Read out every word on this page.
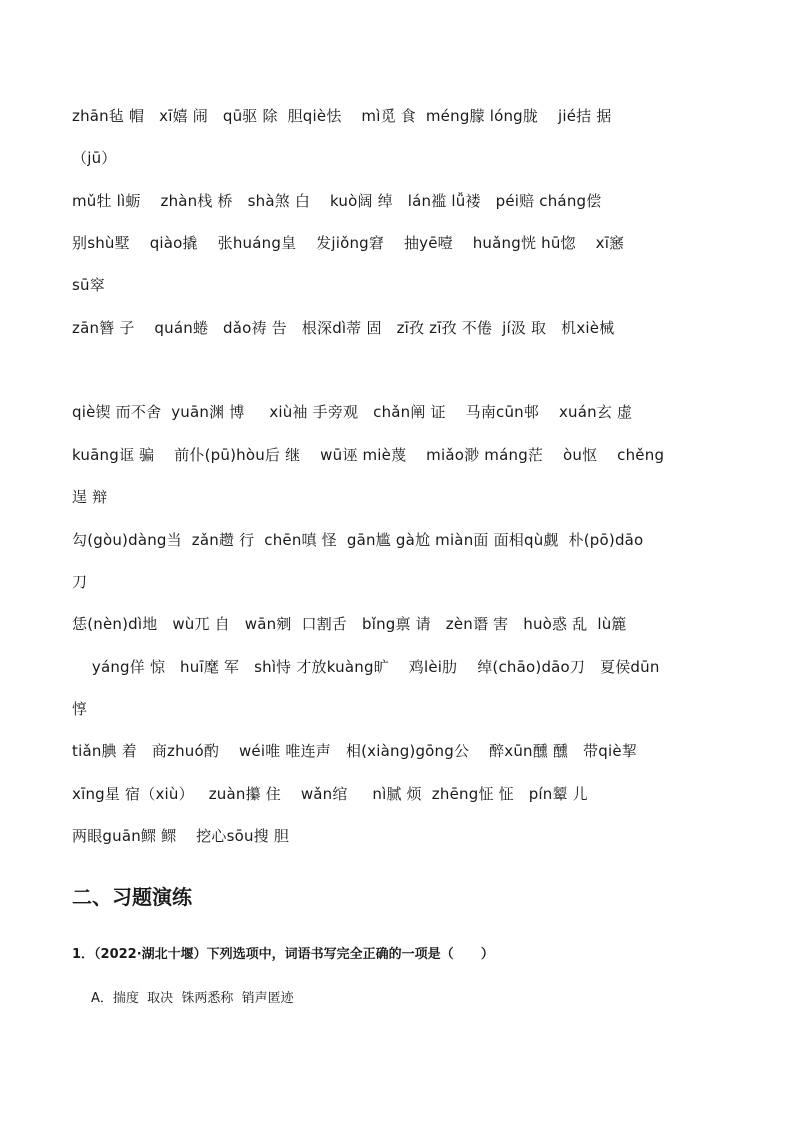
zhān毡 帽   xī嬉 闹   qū驱 除  胆qiè怯    mì觅 食  méng朦 lóng胧    jié拮 据
（jū）
mǔ牡 lì蛎    zhàn栈 桥   shà煞 白    kuò阔 绰   lán褴 lǚ褛   péi赔 cháng偿
别shù墅    qiào撬    张huáng皇    发jiǒng窘    抽yē噎    huǎng恍 hū惚    xī窸
sū窣
zān簪 子    quán蜷   dǎo祷 告   根深dì蒂 固   zī孜 zī孜 不倦  jí汲 取   机xiè械
qiè锲 而不舍  yuān渊 博     xiù袖 手旁观   chǎn阐 证    马南cūn邨    xuán玄 虚
kuāng诓 骗    前仆(pū)hòu后 继    wū诬 miè蔑    miǎo渺 máng茫    òu怄    chěng
逞 辩
勾(gòu)dàng当  zǎn趱 行  chēn嗔 怪  gān尴 gà尬 miàn面 面相qù觑  朴(pō)dāo
刀
恁(nèn)dì地   wù兀 自   wān剜  口割舌   bǐng禀 请   zèn谮 害   huò惑 乱  lù簏
yáng佯 惊   huī麾 军   shì恃 才放kuàng旷    鸡lèi肋    绰(chāo)dāo刀   夏侯dūn
惇
tiǎn腆 着   商zhuó酌    wéi唯 唯连声   相(xiàng)gōng公    醉xūn醺 醺   带qiè挈
xīng星 宿（xiù）   zuàn攥 住    wǎn绾     nì腻 烦  zhēng怔 怔   pín颦 儿
两眼guān鳏 鳏    挖心sōu搜 胆
二、习题演练
1．（2022·湖北十堰）下列选项中，词语书写完全正确的一项是（      ）
A．揣度  取决  铢两悉称  销声匿迹
